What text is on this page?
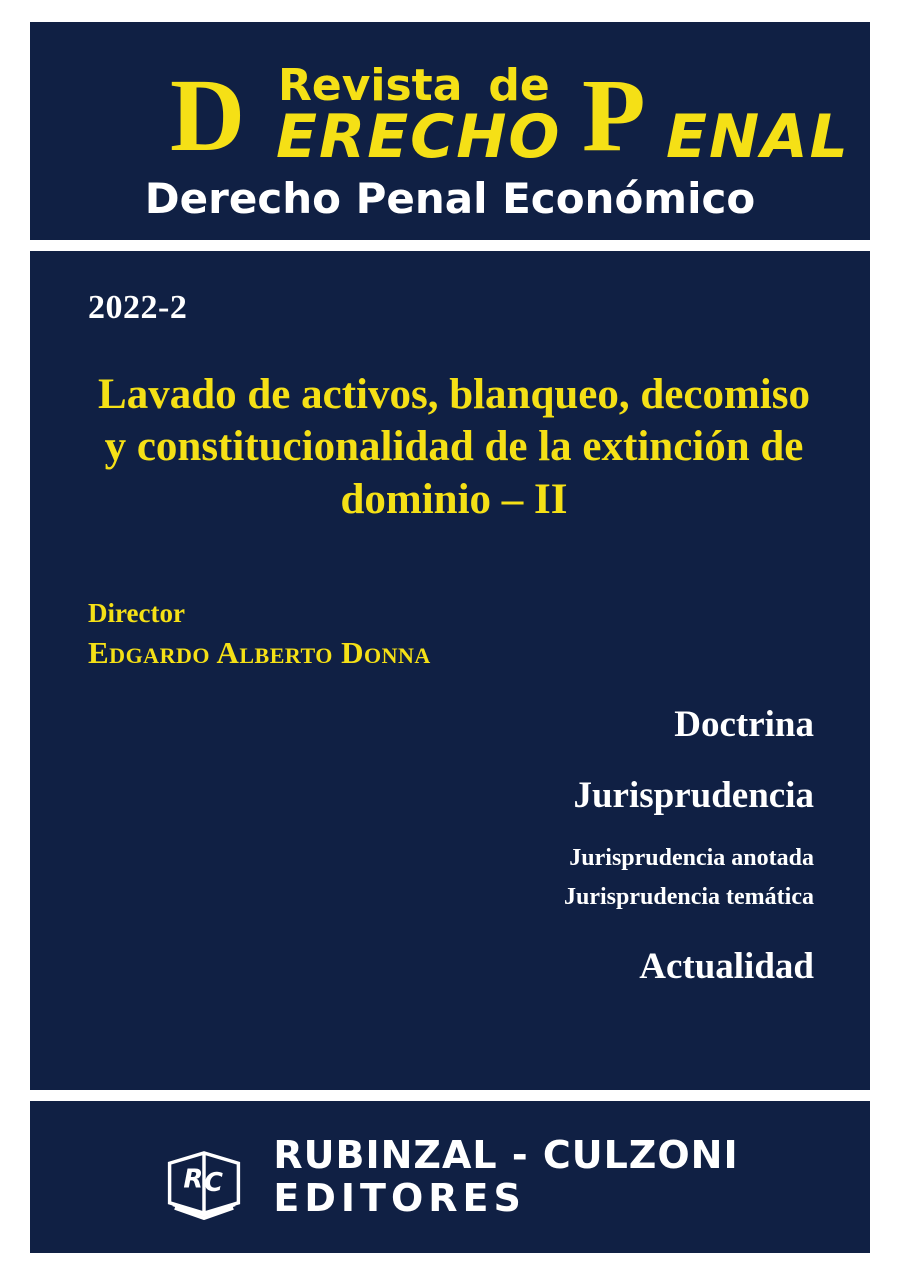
D Revista de
ERECHO P ENAL
Derecho Penal Económico
2022-2
Lavado de activos, blanqueo, decomiso y constitucionalidad de la extinción de dominio – II
Director
Edgardo Alberto Donna
Doctrina
Jurisprudencia
Jurisprudencia anotada
Jurisprudencia temática
Actualidad
R C
RUBINZAL - CULZONI
EDITORES
